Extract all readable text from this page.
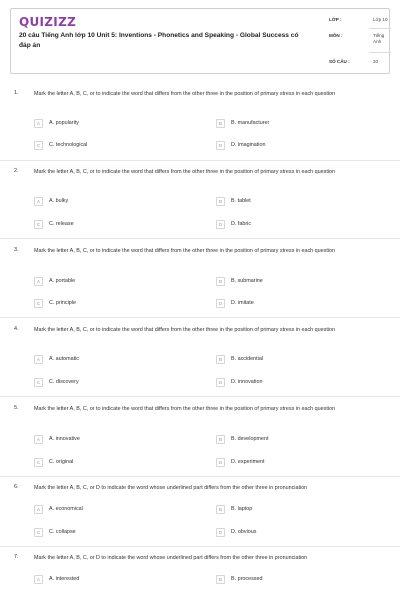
QUIZIZZ
20 câu Tiếng Anh lớp 10 Unit 5: Inventions - Phonetics and Speaking - Global Success có đáp án
LỚP :	Lớp 10
MÔN :	Tiếng Anh
SỐ CÂU :	20
1.	Mark the letter A, B, C, or to indicate the word that differs from the other three in the position of primary stress in each question
A	A. popularity	B	B. manufacturer
C	C. technological	D	D. imagination
2.	Mark the letter A, B, C, or to indicate the word that differs from the other three in the position of primary stress in each question
A	A. bulky	B	B. tablet
C	C. release	D	D. fabric
3.	Mark the letter A, B, C, or to indicate the word that differs from the other three in the position of primary stress in each question
A	A. portable	B	B. submarine
C	C. principle	D	D. imitate
4.	Mark the letter A, B, C, or to indicate the word that differs from the other three in the position of primary stress in each question
A	A. automatic	B	B. accidential
C	C. discovery	D	D. innovation
5.	Mark the letter A, B, C, or to indicate the word that differs from the other three in the position of primary stress in each question
A	A. innovative	B	B. development
C	C. original	D	D. experiment
6.	Mark the letter A, B, C, or D to indicate the word whose underlined part differs from the other three in pronunciation
A	A. economical	B	B. laptop
C	C. collapse	D	D. obvious
7.	Mark the letter A, B, C, or D to indicate the word whose underlined part differs from the other three in pronunciation
A	A. interested	B	B. processed
